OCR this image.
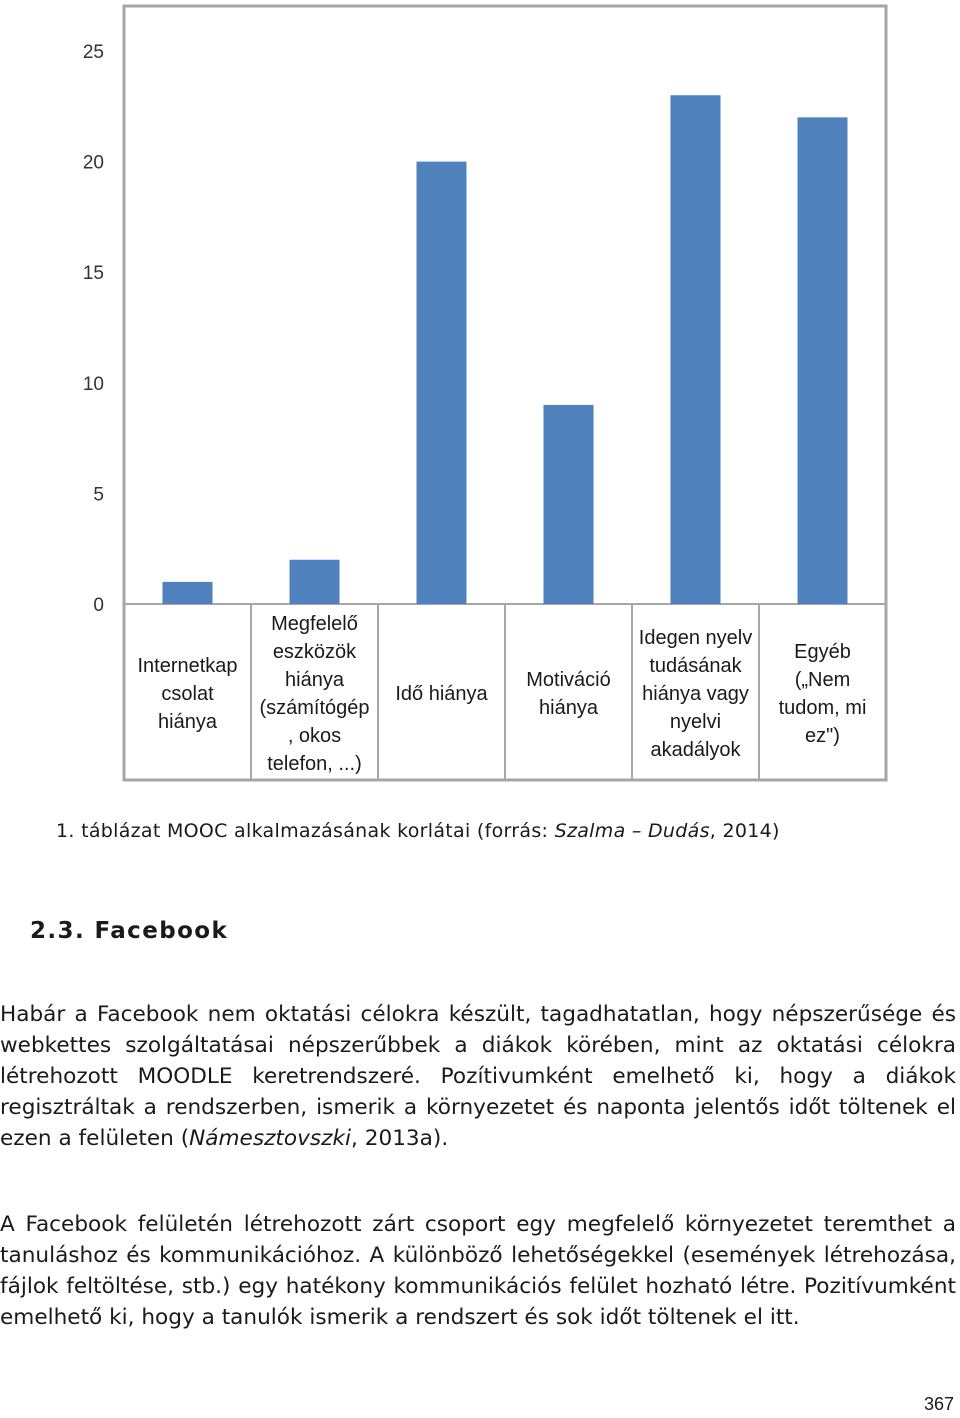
0
5
10
15
20
25
Internetkap csolat hiánya
Megfelelő eszközök hiánya (számítógép , okos telefon, ...)
Idő hiánya
Motiváció hiánya
Idegen nyelv tudásának hiánya vagy nyelvi akadályok
Egyéb („Nem tudom, mi ez")
1. táblázat MOOC alkalmazásának korlátai (forrás: Szalma – Dudás, 2014)
2.3. Facebook

Habár a Facebook nem oktatási célokra készült, tagadhatatlan, hogy népszerűsége és webkettes szolgáltatásai népszerűbbek a diákok körében, mint az oktatási célokra létrehozott MOODLE keretrendszeré. Pozítivumként emelhető ki, hogy a diákok regisztráltak a rendszerben, ismerik a környezetet és naponta jelentős időt töltenek el ezen a felületen (Námesztovszki, 2013a).

A Facebook felületén létrehozott zárt csoport egy megfelelő környezetet teremthet a tanuláshoz és kommunikációhoz. A különböző lehetőségekkel (események létrehozása, fájlok feltöltése, stb.) egy hatékony kommunikációs felület hozható létre. Pozitívumként emelhető ki, hogy a tanulók ismerik a rendszert és sok időt töltenek el itt.

367
